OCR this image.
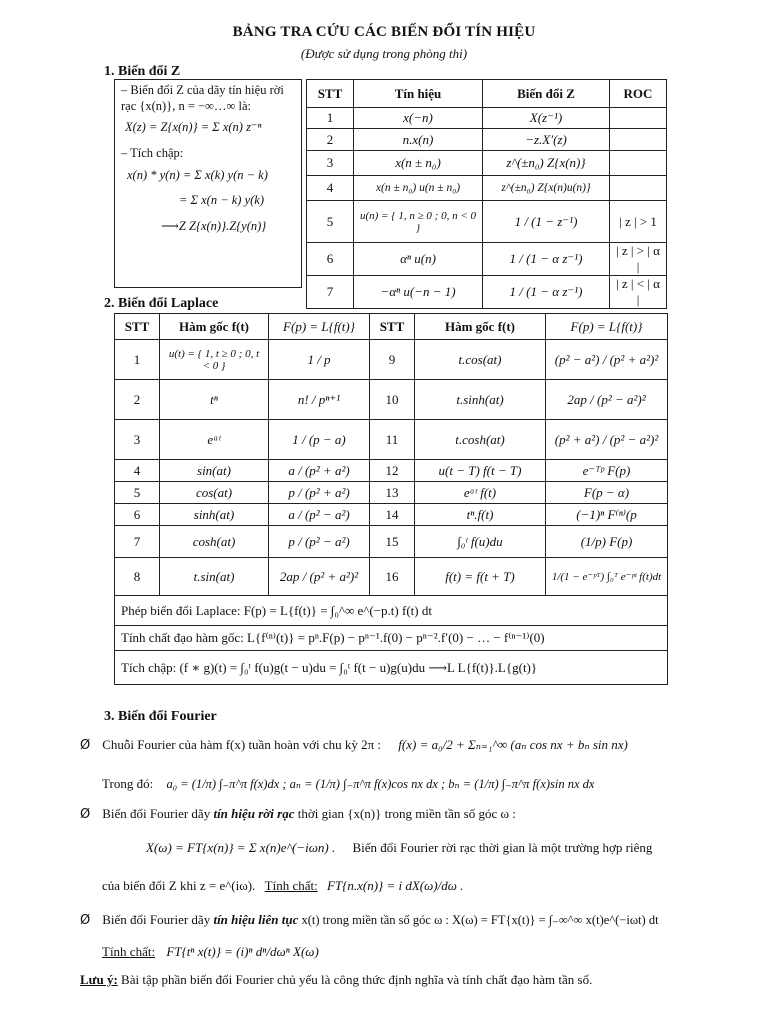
BẢNG TRA CỨU CÁC BIẾN ĐỔI TÍN HIỆU
(Được sử dụng trong phòng thi)
1. Biến đổi Z

– Biến đổi Z của dãy tín hiệu rời rạc {x(n)}, n = −∞…∞ là:

X(z) = Z{x(n)} = Σ x(n) z⁻ⁿ

– Tích chập:

x(n) * y(n) = Σ x(k) y(n − k)

= Σ x(n − k) y(k)

⟶Z Z{x(n)}.Z{y(n)}

STT	Tín hiệu	Biến đổi Z	ROC
1	x(−n)	X(z⁻¹)	
2	n.x(n)	−z.X′(z)	
3	x(n ± n₀)	z^(±n₀) Z{x(n)}	
4	x(n ± n₀) u(n ± n₀)	z^(±n₀) Z{x(n)u(n)}	
5	u(n) = { 1, n ≥ 0 ; 0, n < 0 }	1 / (1 − z⁻¹)	| z | > 1
6	αⁿ u(n)	1 / (1 − α z⁻¹)	| z | > | α |
7	−αⁿ u(−n − 1)	1 / (1 − α z⁻¹)	| z | < | α |
2. Biến đổi Laplace
STT	Hàm gốc f(t)	F(p) = L{f(t)}	STT	Hàm gốc f(t)	F(p) = L{f(t)}
1	u(t) = { 1, t ≥ 0 ; 0, t < 0 }	1 / p	9	t.cos(at)	(p² − a²) / (p² + a²)²
2	tⁿ	n! / pⁿ⁺¹	10	t.sinh(at)	2ap / (p² − a²)²
3	eᵃᵗ	1 / (p − a)	11	t.cosh(at)	(p² + a²) / (p² − a²)²
4	sin(at)	a / (p² + a²)	12	u(t − T) f(t − T)	e⁻ᵀᵖ F(p)
5	cos(at)	p / (p² + a²)	13	eᵅᵗ f(t)	F(p − α)
6	sinh(at)	a / (p² − a²)	14	tⁿ.f(t)	(−1)ⁿ F⁽ⁿ⁾(p
7	cosh(at)	p / (p² − a²)	15	∫₀ᵗ f(u)du	(1/p) F(p)
8	t.sin(at)	2ap / (p² + a²)²	16	f(t) = f(t + T)	1/(1 − e⁻ᵖᵀ) ∫₀ᵀ e⁻ᵖᵗ f(t)dt
Phép biến đổi Laplace: F(p) = L{f(t)} = ∫₀^∞ e^(−p.t) f(t) dt					
Tính chất đạo hàm gốc: L{f⁽ⁿ⁾(t)} = pⁿ.F(p) − pⁿ⁻¹.f(0) − pⁿ⁻².f′(0) − … − f⁽ⁿ⁻¹⁾(0)					
Tích chập: (f ∗ g)(t) = ∫₀ᵗ f(u)g(t − u)du = ∫₀ᵗ f(t − u)g(u)du ⟶L L{f(t)}.L{g(t)}					
3. Biến đổi Fourier
Ø Chuỗi Fourier của hàm f(x) tuần hoàn với chu kỳ 2π : f(x) = a₀/2 + Σₙ₌₁^∞ (aₙ cos nx + bₙ sin nx)
Trong đó: a₀ = (1/π) ∫₋π^π f(x)dx ; aₙ = (1/π) ∫₋π^π f(x)cos nx dx ; bₙ = (1/π) ∫₋π^π f(x)sin nx dx
Ø Biến đổi Fourier dãy tín hiệu rời rạc thời gian {x(n)} trong miền tần số góc ω :
X(ω) = FT{x(n)} = Σ x(n)e^(−iωn) . Biến đổi Fourier rời rạc thời gian là một trường hợp riêng
của biến đổi Z khi z = e^(iω). Tính chất: FT{n.x(n)} = i dX(ω)/dω .
Ø Biến đổi Fourier dãy tín hiệu liên tục x(t) trong miền tần số góc ω : X(ω) = FT{x(t)} = ∫₋∞^∞ x(t)e^(−iωt) dt
Tính chất: FT{tⁿ x(t)} = (i)ⁿ dⁿ/dωⁿ X(ω)
Lưu ý: Bài tập phần biến đổi Fourier chủ yếu là công thức định nghĩa và tính chất đạo hàm tần số.
